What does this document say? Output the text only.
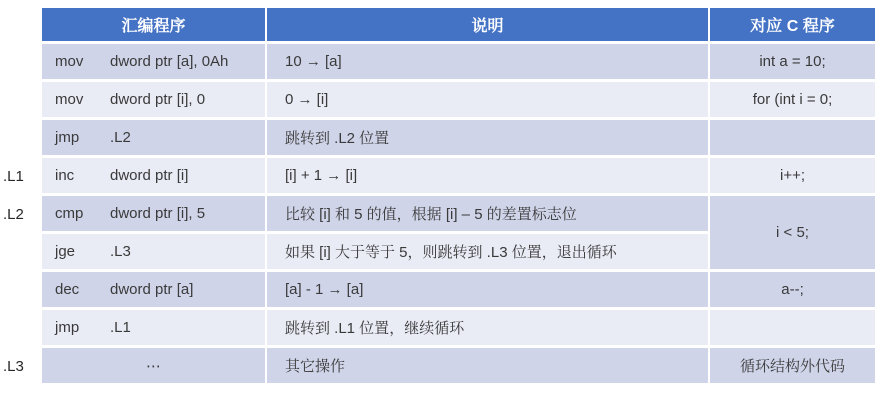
.L1
.L2
.L3
汇编程序	说明	对应 C 程序
mov dword ptr [a], 0Ah	10 → [a]	int a = 10;
mov dword ptr [i], 0	0 → [i]	for (int i = 0;
jmp .L2	跳转到 .L2 位置	
inc dword ptr [i]	[i] + 1 → [i]	i++;
cmp dword ptr [i], 5	比较 [i] 和 5 的值，根据 [i] – 5 的差置标志位	i < 5;
jge .L3	如果 [i] 大于等于 5，则跳转到 .L3 位置，退出循环	
dec dword ptr [a]	[a] - 1 → [a]	a--;
jmp .L1	跳转到 .L1 位置，继续循环	
⋯	其它操作	循环结构外代码
